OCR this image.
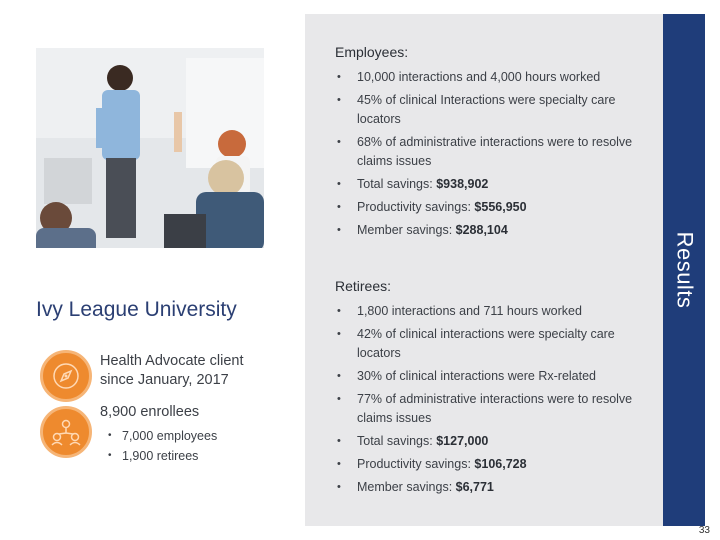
Ivy League University
Health Advocate client
since January, 2017
8,900 enrollees
• 7,000 employees
• 1,900 retirees
Results
Employees:
• 10,000 interactions and 4,000 hours worked
• 45% of clinical Interactions were specialty care locators
• 68% of administrative interactions were to resolve claims issues
• Total savings: $938,902
• Productivity savings: $556,950
• Member savings: $288,104
Retirees:
• 1,800 interactions and 711 hours worked
• 42% of clinical interactions were specialty care locators
• 30% of clinical interactions were Rx-related
• 77% of administrative interactions were to resolve claims issues
• Total savings: $127,000
• Productivity savings: $106,728
• Member savings: $6,771
33
